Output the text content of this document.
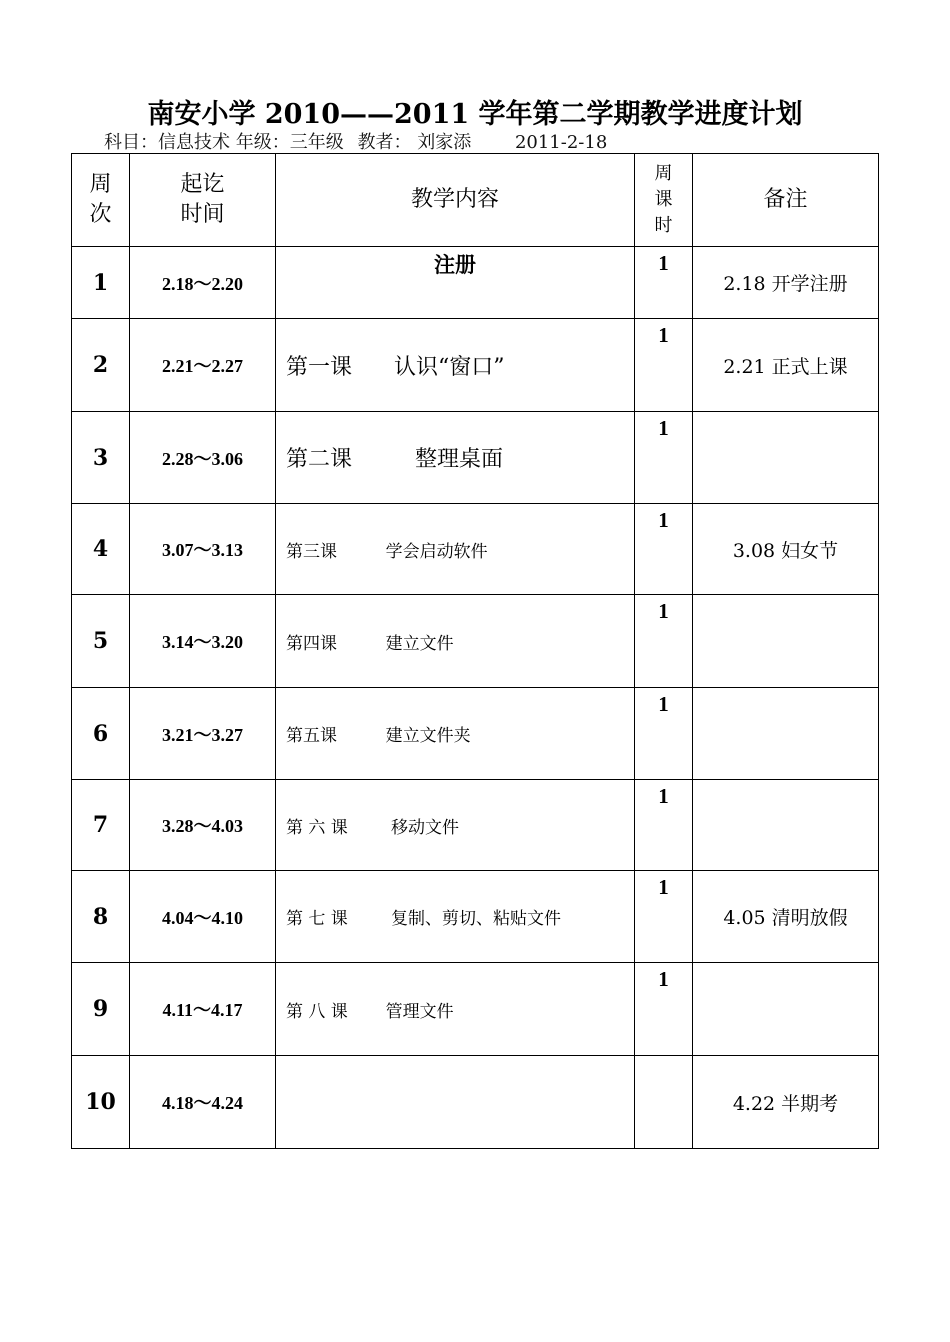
南安小学 2010——2011 学年第二学期教学进度计划
科目：信息技术 年级：三年级 教者： 刘家添 2011-2-18
周次	起讫时间	教学内容	周课时	备注
1	2.18～2.20	注册	1	2.18 开学注册
2	2.21～2.27	第一课      认识“窗口”	1	2.21 正式上课
3	2.28～3.06	第二课         整理桌面	1	
4	3.07～3.13	第三课         学会启动软件	1	3.08 妇女节
5	3.14～3.20	第四课         建立文件	1	
6	3.21～3.27	第五课         建立文件夹	1	
7	3.28～4.03	第 六 课        移动文件	1	
8	4.04～4.10	第 七 课        复制、剪切、粘贴文件	1	4.05 清明放假
9	4.11～4.17	第 八 课       管理文件	1	
10	4.18～4.24			4.22 半期考
